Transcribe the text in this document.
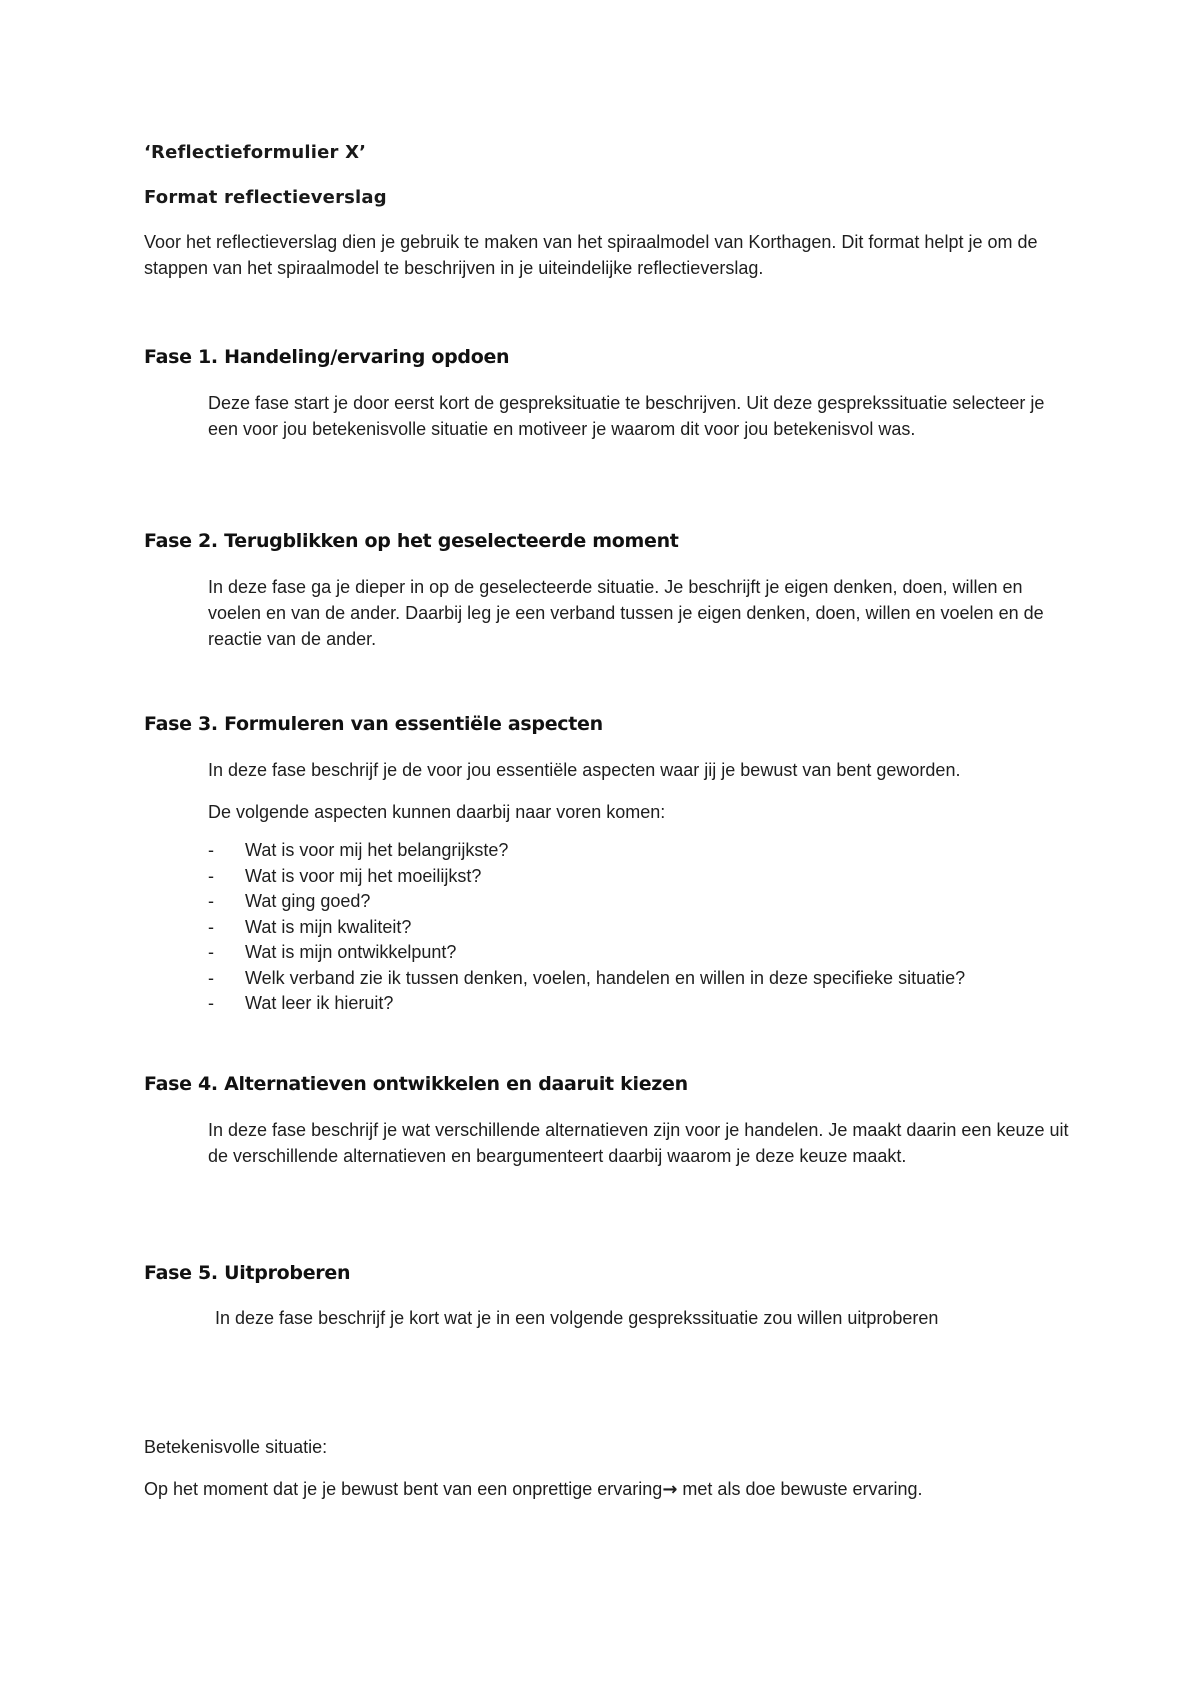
‘Reflectieformulier X’

Format reflectieverslag

Voor het reflectieverslag dien je gebruik te maken van het spiraalmodel van Korthagen. Dit format helpt je om de stappen van het spiraalmodel te beschrijven in je uiteindelijke reflectieverslag.

Fase 1. Handeling/ervaring opdoen

Deze fase start je door eerst kort de gespreksituatie te beschrijven. Uit deze gesprekssituatie selecteer je een voor jou betekenisvolle situatie en motiveer je waarom dit voor jou betekenisvol was.

Fase 2. Terugblikken op het geselecteerde moment

In deze fase ga je dieper in op de geselecteerde situatie. Je beschrijft je eigen denken, doen, willen en voelen en van de ander. Daarbij leg je een verband tussen je eigen denken, doen, willen en voelen en de reactie van de ander.

Fase 3. Formuleren van essentiële aspecten

In deze fase beschrijf je de voor jou essentiële aspecten waar jij je bewust van bent geworden.

De volgende aspecten kunnen daarbij naar voren komen:

- Wat is voor mij het belangrijkste?
- Wat is voor mij het moeilijkst?
- Wat ging goed?
- Wat is mijn kwaliteit?
- Wat is mijn ontwikkelpunt?
- Welk verband zie ik tussen denken, voelen, handelen en willen in deze specifieke situatie?
- Wat leer ik hieruit?

Fase 4. Alternatieven ontwikkelen en daaruit kiezen

In deze fase beschrijf je wat verschillende alternatieven zijn voor je handelen. Je maakt daarin een keuze uit de verschillende alternatieven en beargumenteert daarbij waarom je deze keuze maakt.

Fase 5. Uitproberen

In deze fase beschrijf je kort wat je in een volgende gesprekssituatie zou willen uitproberen

Betekenisvolle situatie:

Op het moment dat je je bewust bent van een onprettige ervaring→ met als doe bewuste ervaring.
